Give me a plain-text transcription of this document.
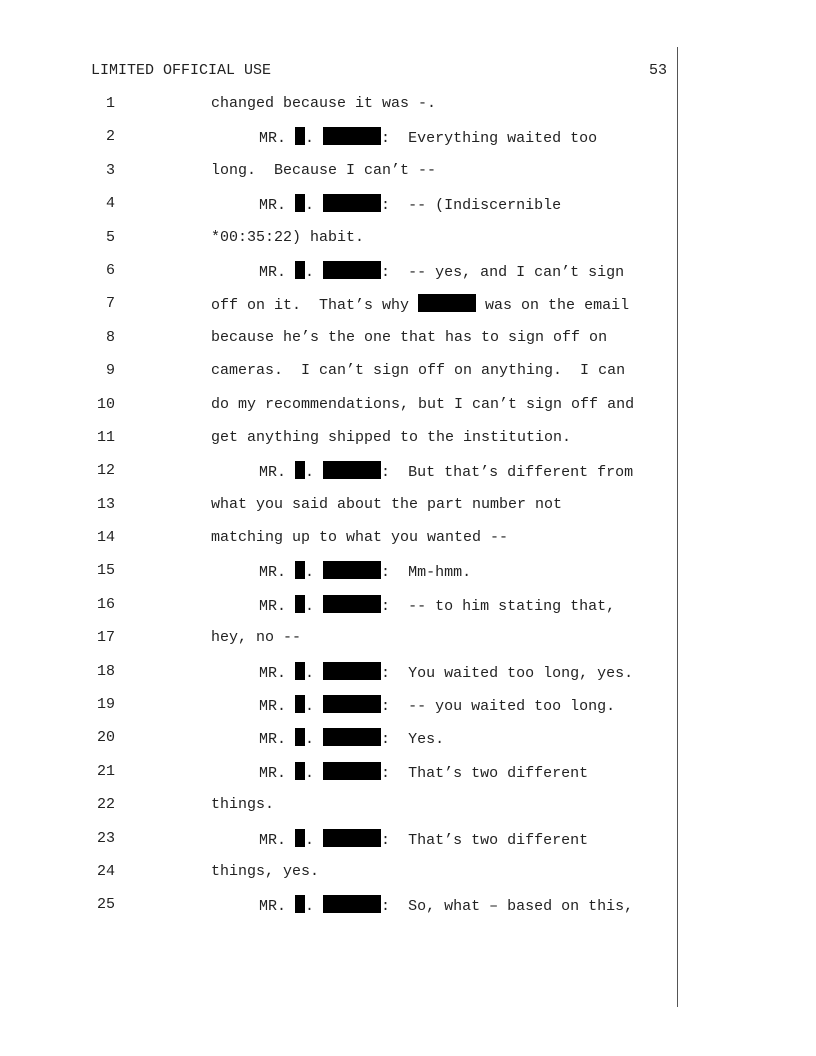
LIMITED OFFICIAL USE	53
1	changed because it was -.
2	MR. .	:  Everything waited too
3	long.  Because I can’t --
4	MR. .	:  -- (Indiscernible
5	*00:35:22) habit.
6	MR. .	:  -- yes, and I can’t sign
7	off on it.  That’s why	was on the email
8	because he’s the one that has to sign off on
9	cameras.  I can’t sign off on anything.  I can
10	do my recommendations, but I can’t sign off and
11	get anything shipped to the institution.
12	MR. .	:  But that’s different from
13	what you said about the part number not
14	matching up to what you wanted --
15	MR. .	:  Mm-hmm.
16	MR. .	:  -- to him stating that,
17	hey, no --
18	MR. .	:  You waited too long, yes.
19	MR. .	:  -- you waited too long.
20	MR. .	:  Yes.
21	MR. .	:  That’s two different
22	things.
23	MR. .	:  That’s two different
24	things, yes.
25	MR. .	:  So, what – based on this,
